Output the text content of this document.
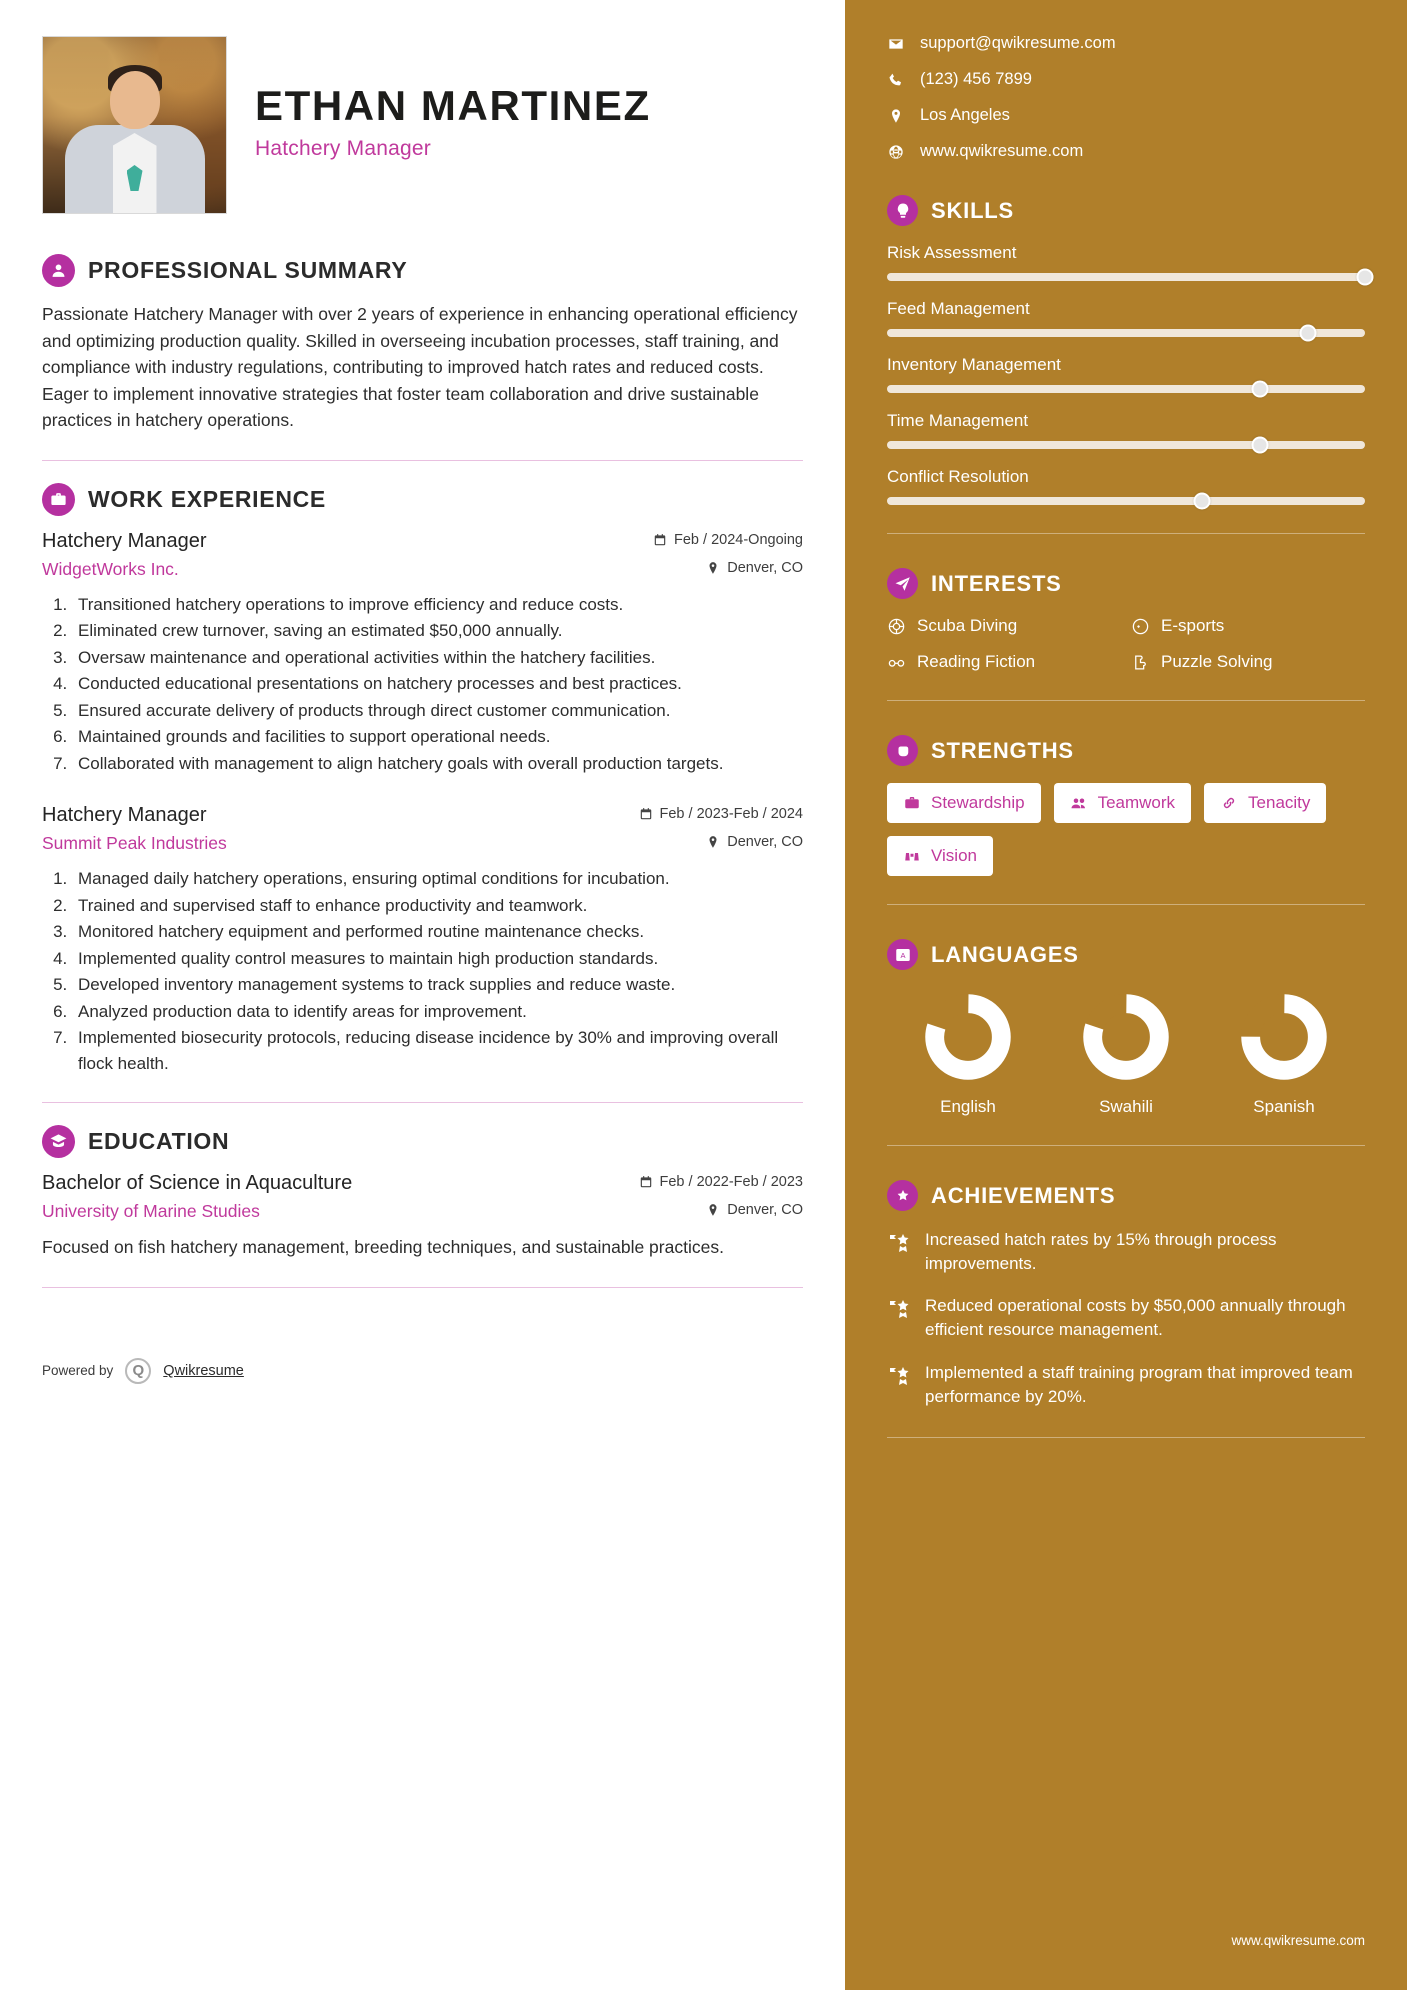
ETHAN MARTINEZ
Hatchery Manager
PROFESSIONAL SUMMARY
Passionate Hatchery Manager with over 2 years of experience in enhancing operational efficiency and optimizing production quality. Skilled in overseeing incubation processes, staff training, and compliance with industry regulations, contributing to improved hatch rates and reduced costs. Eager to implement innovative strategies that foster team collaboration and drive sustainable practices in hatchery operations.
WORK EXPERIENCE
Hatchery Manager	Feb / 2024-Ongoing
WidgetWorks Inc.	Denver, CO
1. Transitioned hatchery operations to improve efficiency and reduce costs.
2. Eliminated crew turnover, saving an estimated $50,000 annually.
3. Oversaw maintenance and operational activities within the hatchery facilities.
4. Conducted educational presentations on hatchery processes and best practices.
5. Ensured accurate delivery of products through direct customer communication.
6. Maintained grounds and facilities to support operational needs.
7. Collaborated with management to align hatchery goals with overall production targets.
Hatchery Manager	Feb / 2023-Feb / 2024
Summit Peak Industries	Denver, CO
1. Managed daily hatchery operations, ensuring optimal conditions for incubation.
2. Trained and supervised staff to enhance productivity and teamwork.
3. Monitored hatchery equipment and performed routine maintenance checks.
4. Implemented quality control measures to maintain high production standards.
5. Developed inventory management systems to track supplies and reduce waste.
6. Analyzed production data to identify areas for improvement.
7. Implemented biosecurity protocols, reducing disease incidence by 30% and improving overall flock health.
EDUCATION
Bachelor of Science in Aquaculture	Feb / 2022-Feb / 2023
University of Marine Studies	Denver, CO
Focused on fish hatchery management, breeding techniques, and sustainable practices.
Powered by	Q	Qwikresume
support@qwikresume.com
(123) 456 7899
Los Angeles
www.qwikresume.com
SKILLS
Risk Assessment
Feed Management
Inventory Management
Time Management
Conflict Resolution
INTERESTS
Scuba Diving	E-sports
Reading Fiction	Puzzle Solving
STRENGTHS
Stewardship	Teamwork	Tenacity
Vision
A LANGUAGES
English	Swahili	Spanish
ACHIEVEMENTS
Increased hatch rates by 15% through process improvements.
Reduced operational costs by $50,000 annually through efficient resource management.
Implemented a staff training program that improved team performance by 20%.
www.qwikresume.com
